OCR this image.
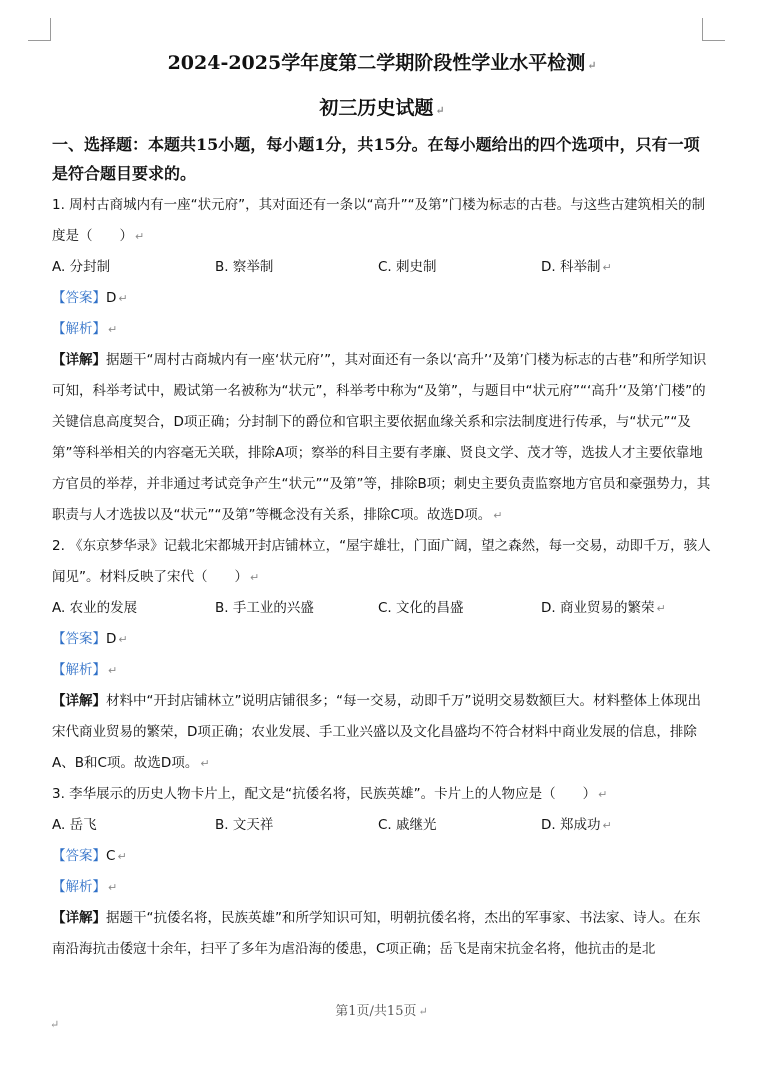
2024-2025学年度第二学期阶段性学业水平检测 ↵

初三历史试题 ↵

一、选择题：本题共15小题，每小题1分，共15分。在每小题给出的四个选项中，只有一项是符合题目要求的。

1. 周村古商城内有一座“状元府”，其对面还有一条以“高升”“及第”门楼为标志的古巷。与这些古建筑相关的制度是（　　） ↵

A. 分封制	B. 察举制	C. 刺史制	D. 科举制 ↵

【答案】D ↵

【解析】 ↵

【详解】据题干“周村古商城内有一座‘状元府’”，其对面还有一条以‘高升’‘及第’门楼为标志的古巷”和所学知识可知，科举考试中，殿试第一名被称为“状元”，科举考中称为“及第”，与题目中“状元府”“‘高升’‘及第’门楼”的关键信息高度契合，D项正确；分封制下的爵位和官职主要依据血缘关系和宗法制度进行传承，与“状元”“及第”等科举相关的内容毫无关联，排除A项；察举的科目主要有孝廉、贤良文学、茂才等，选拔人才主要依靠地方官员的举荐，并非通过考试竞争产生“状元”“及第”等，排除B项；刺史主要负责监察地方官员和豪强势力，其职责与人才选拔以及“状元”“及第”等概念没有关系，排除C项。故选D项。 ↵

2. 《东京梦华录》记载北宋都城开封店铺林立，“屋宇雄壮，门面广阔，望之森然，每一交易，动即千万，骇人闻见”。材料反映了宋代（　　） ↵

A. 农业的发展	B. 手工业的兴盛	C. 文化的昌盛	D. 商业贸易的繁荣 ↵

【答案】D ↵

【解析】 ↵

【详解】材料中“开封店铺林立”说明店铺很多；“每一交易，动即千万”说明交易数额巨大。材料整体上体现出宋代商业贸易的繁荣，D项正确；农业发展、手工业兴盛以及文化昌盛均不符合材料中商业发展的信息，排除A、B和C项。故选D项。 ↵

3. 李华展示的历史人物卡片上，配文是“抗倭名将，民族英雄”。卡片上的人物应是（　　） ↵

A. 岳飞	B. 文天祥	C. 戚继光	D. 郑成功 ↵

【答案】C ↵

【解析】 ↵

【详解】据题干“抗倭名将，民族英雄”和所学知识可知，明朝抗倭名将，杰出的军事家、书法家、诗人。在东南沿海抗击倭寇十余年，扫平了多年为虐沿海的倭患，C项正确；岳飞是南宋抗金名将，他抗击的是北

第1页/共15页 ↵
↵
